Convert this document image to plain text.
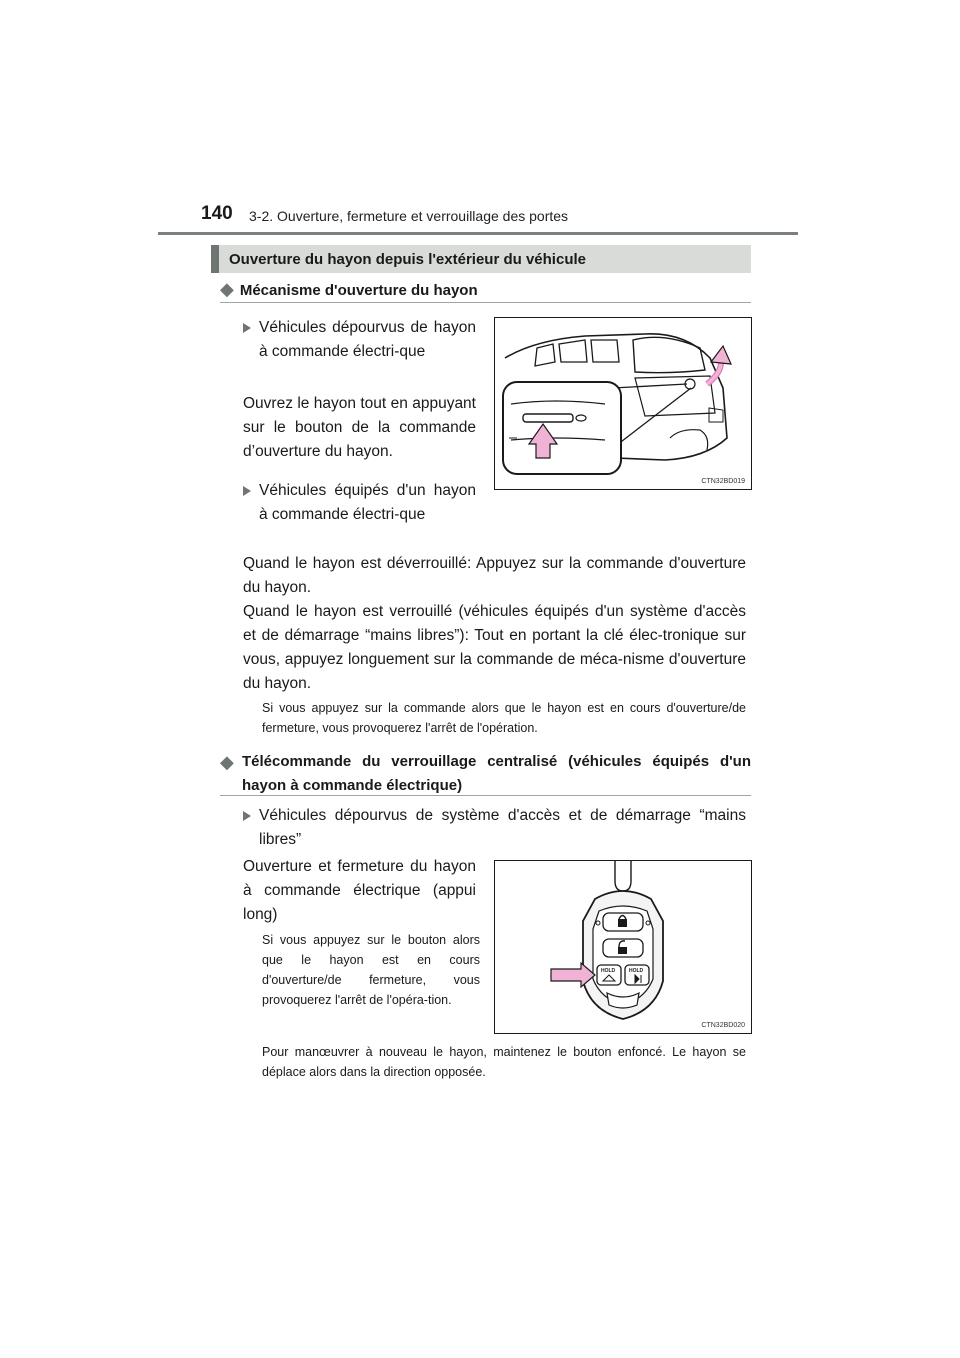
140 3-2. Ouverture, fermeture et verrouillage des portes
Ouverture du hayon depuis l'extérieur du véhicule
◆ Mécanisme d'ouverture du hayon
Véhicules dépourvus de hayon à commande électri-que
Ouvrez le hayon tout en appuyant sur le bouton de la commande d’ouverture du hayon.
Véhicules équipés d'un hayon à commande électri-que
CTN32BD019
Quand le hayon est déverrouillé: Appuyez sur la commande d'ouverture du hayon.
Quand le hayon est verrouillé (véhicules équipés d'un système d'accès et de démarrage “mains libres”): Tout en portant la clé élec-tronique sur vous, appuyez longuement sur la commande de méca-nisme d'ouverture du hayon.
Si vous appuyez sur la commande alors que le hayon est en cours d'ouverture/de fermeture, vous provoquerez l'arrêt de l'opération.
◆ Télécommande du verrouillage centralisé (véhicules équipés d'un hayon à commande électrique)
Véhicules dépourvus de système d'accès et de démarrage “mains libres”
Ouverture et fermeture du hayon à commande électrique (appui long)
Si vous appuyez sur le bouton alors que le hayon est en cours d'ouverture/de fermeture, vous provoquerez l'arrêt de l'opéra-tion.
HOLD	HOLD
CTN32BD020
Pour manœuvrer à nouveau le hayon, maintenez le bouton enfoncé. Le hayon se déplace alors dans la direction opposée.
